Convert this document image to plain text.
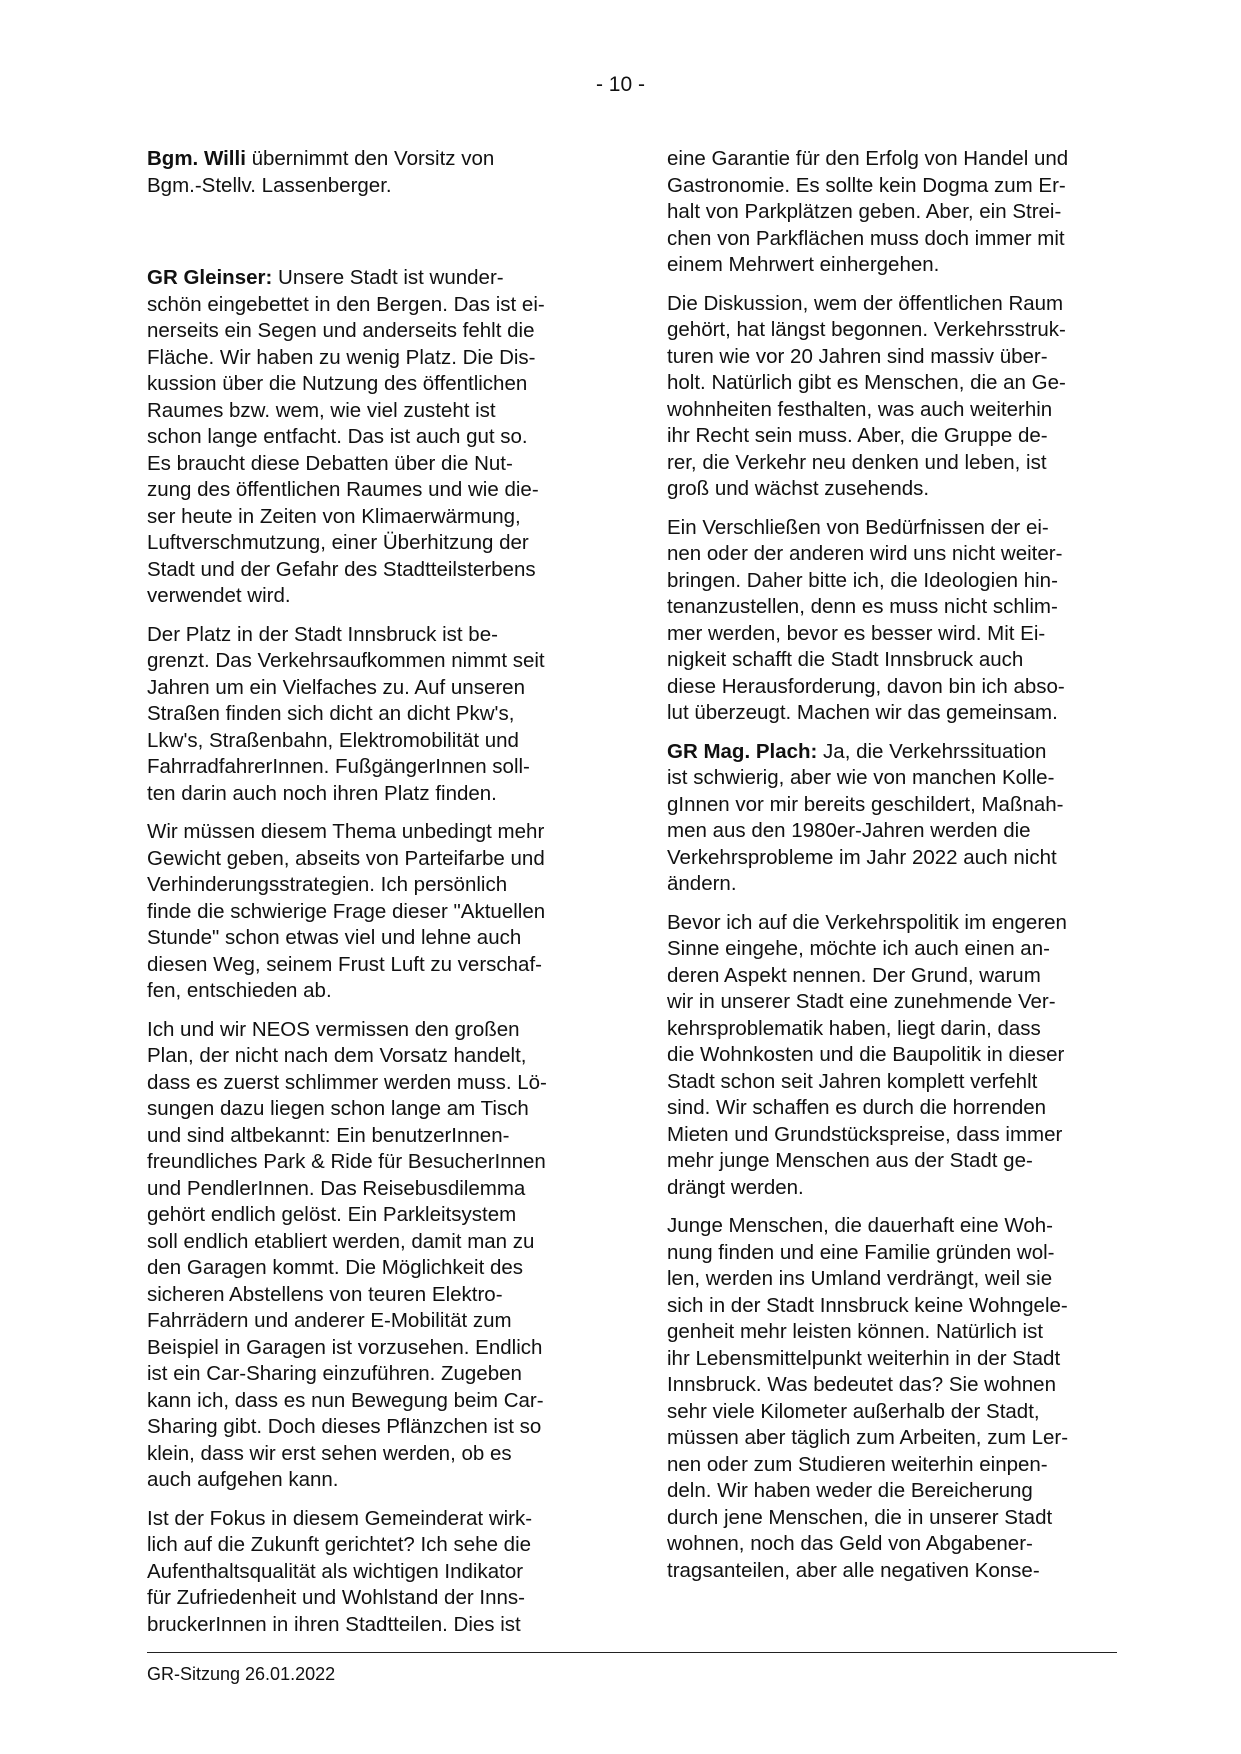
- 10 -

Bgm. Willi übernimmt den Vorsitz von
Bgm.-Stellv. Lassenberger.

GR Gleinser: Unsere Stadt ist wunder-
schön eingebettet in den Bergen. Das ist ei-
nerseits ein Segen und anderseits fehlt die
Fläche. Wir haben zu wenig Platz. Die Dis-
kussion über die Nutzung des öffentlichen
Raumes bzw. wem, wie viel zusteht ist
schon lange entfacht. Das ist auch gut so.
Es braucht diese Debatten über die Nut-
zung des öffentlichen Raumes und wie die-
ser heute in Zeiten von Klimaerwärmung,
Luftverschmutzung, einer Überhitzung der
Stadt und der Gefahr des Stadtteilsterbens
verwendet wird.

Der Platz in der Stadt Innsbruck ist be-
grenzt. Das Verkehrsaufkommen nimmt seit
Jahren um ein Vielfaches zu. Auf unseren
Straßen finden sich dicht an dicht Pkw's,
Lkw's, Straßenbahn, Elektromobilität und
FahrradfahrerInnen. FußgängerInnen soll-
ten darin auch noch ihren Platz finden.

Wir müssen diesem Thema unbedingt mehr
Gewicht geben, abseits von Parteifarbe und
Verhinderungsstrategien. Ich persönlich
finde die schwierige Frage dieser "Aktuellen
Stunde" schon etwas viel und lehne auch
diesen Weg, seinem Frust Luft zu verschaf-
fen, entschieden ab.

Ich und wir NEOS vermissen den großen
Plan, der nicht nach dem Vorsatz handelt,
dass es zuerst schlimmer werden muss. Lö-
sungen dazu liegen schon lange am Tisch
und sind altbekannt: Ein benutzerInnen-
freundliches Park & Ride für BesucherInnen
und PendlerInnen. Das Reisebusdilemma
gehört endlich gelöst. Ein Parkleitsystem
soll endlich etabliert werden, damit man zu
den Garagen kommt. Die Möglichkeit des
sicheren Abstellens von teuren Elektro-
Fahrrädern und anderer E-Mobilität zum
Beispiel in Garagen ist vorzusehen. Endlich
ist ein Car-Sharing einzuführen. Zugeben
kann ich, dass es nun Bewegung beim Car-
Sharing gibt. Doch dieses Pflänzchen ist so
klein, dass wir erst sehen werden, ob es
auch aufgehen kann.

Ist der Fokus in diesem Gemeinderat wirk-
lich auf die Zukunft gerichtet? Ich sehe die
Aufenthaltsqualität als wichtigen Indikator
für Zufriedenheit und Wohlstand der Inns-
bruckerInnen in ihren Stadtteilen. Dies ist

eine Garantie für den Erfolg von Handel und
Gastronomie. Es sollte kein Dogma zum Er-
halt von Parkplätzen geben. Aber, ein Strei-
chen von Parkflächen muss doch immer mit
einem Mehrwert einhergehen.

Die Diskussion, wem der öffentlichen Raum
gehört, hat längst begonnen. Verkehrsstruk-
turen wie vor 20 Jahren sind massiv über-
holt. Natürlich gibt es Menschen, die an Ge-
wohnheiten festhalten, was auch weiterhin
ihr Recht sein muss. Aber, die Gruppe de-
rer, die Verkehr neu denken und leben, ist
groß und wächst zusehends.

Ein Verschließen von Bedürfnissen der ei-
nen oder der anderen wird uns nicht weiter-
bringen. Daher bitte ich, die Ideologien hin-
tenanzustellen, denn es muss nicht schlim-
mer werden, bevor es besser wird. Mit Ei-
nigkeit schafft die Stadt Innsbruck auch
diese Herausforderung, davon bin ich abso-
lut überzeugt. Machen wir das gemeinsam.

GR Mag. Plach: Ja, die Verkehrssituation
ist schwierig, aber wie von manchen Kolle-
gInnen vor mir bereits geschildert, Maßnah-
men aus den 1980er-Jahren werden die
Verkehrsprobleme im Jahr 2022 auch nicht
ändern.

Bevor ich auf die Verkehrspolitik im engeren
Sinne eingehe, möchte ich auch einen an-
deren Aspekt nennen. Der Grund, warum
wir in unserer Stadt eine zunehmende Ver-
kehrsproblematik haben, liegt darin, dass
die Wohnkosten und die Baupolitik in dieser
Stadt schon seit Jahren komplett verfehlt
sind. Wir schaffen es durch die horrenden
Mieten und Grundstückspreise, dass immer
mehr junge Menschen aus der Stadt ge-
drängt werden.

Junge Menschen, die dauerhaft eine Woh-
nung finden und eine Familie gründen wol-
len, werden ins Umland verdrängt, weil sie
sich in der Stadt Innsbruck keine Wohngele-
genheit mehr leisten können. Natürlich ist
ihr Lebensmittelpunkt weiterhin in der Stadt
Innsbruck. Was bedeutet das? Sie wohnen
sehr viele Kilometer außerhalb der Stadt,
müssen aber täglich zum Arbeiten, zum Ler-
nen oder zum Studieren weiterhin einpen-
deln. Wir haben weder die Bereicherung
durch jene Menschen, die in unserer Stadt
wohnen, noch das Geld von Abgabener-
tragsanteilen, aber alle negativen Konse-

GR-Sitzung 26.01.2022
